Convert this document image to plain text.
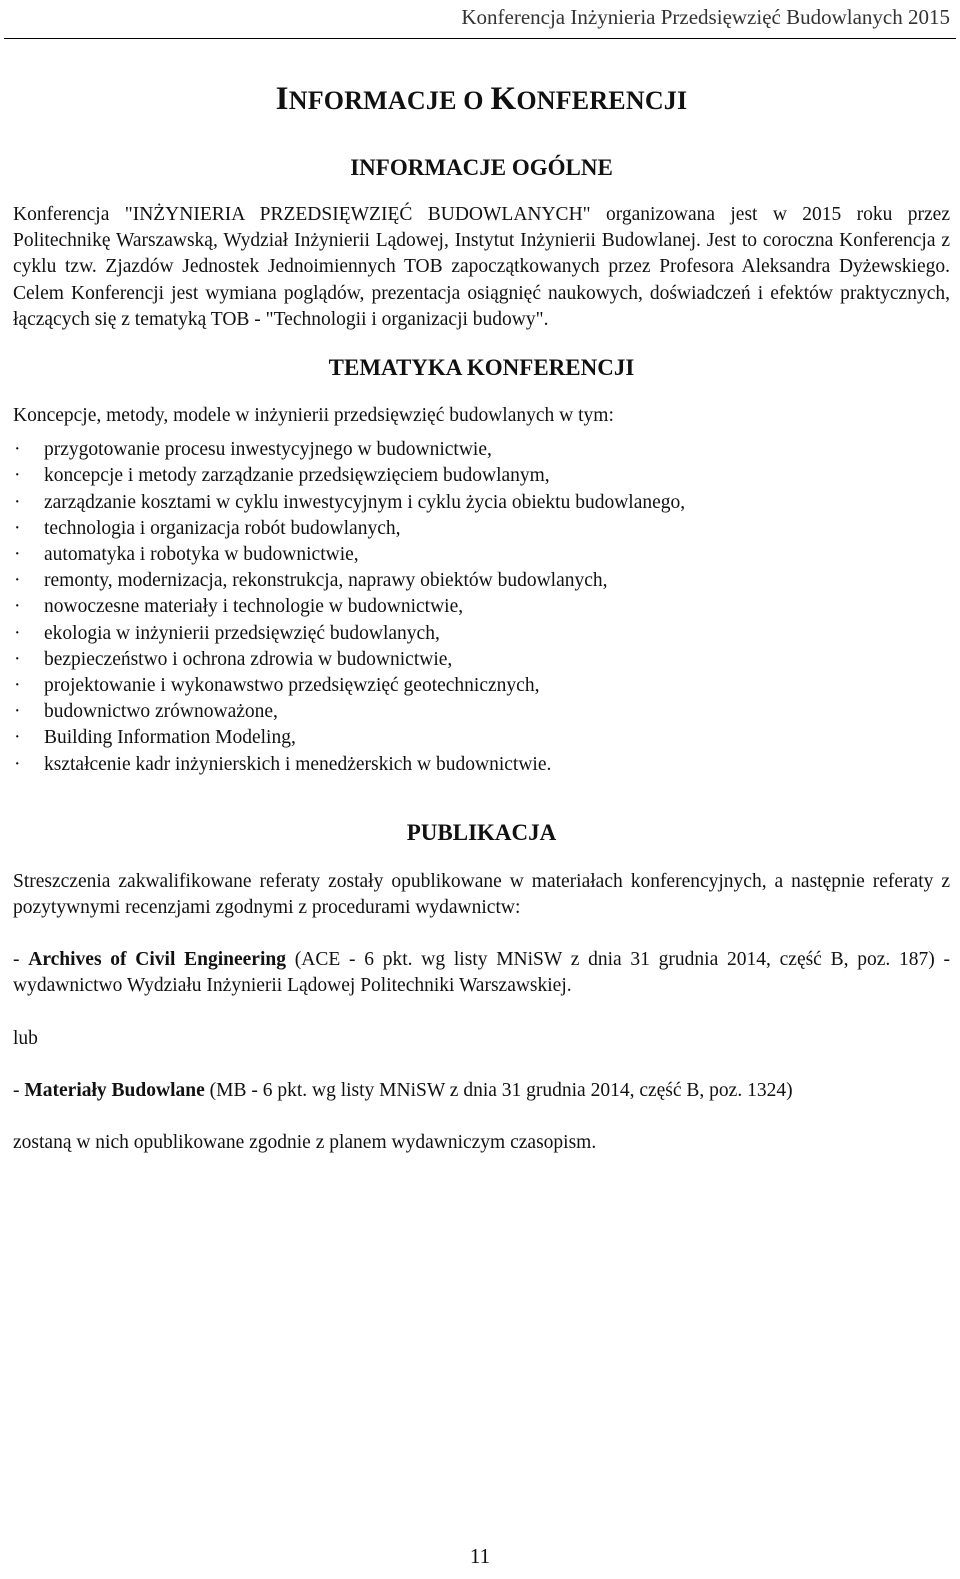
Konferencja Inżynieria Przedsięwzięć Budowlanych 2015
INFORMACJE O KONFERENCJI
INFORMACJE OGÓLNE

Konferencja "INŻYNIERIA PRZEDSIĘWZIĘĆ BUDOWLANYCH" organizowana jest w 2015 roku przez Politechnikę Warszawską, Wydział Inżynierii Lądowej, Instytut Inżynierii Budowlanej. Jest to coroczna Konferencja z cyklu tzw. Zjazdów Jednostek Jednoimiennych TOB zapoczątkowanych przez Profesora Aleksandra Dyżewskiego. Celem Konferencji jest wymiana poglądów, prezentacja osiągnięć naukowych, doświadczeń i efektów praktycznych, łączących się z tematyką TOB - "Technologii i organizacji budowy".

TEMATYKA KONFERENCJI

Koncepcje, metody, modele w inżynierii przedsięwzięć budowlanych w tym:

·	przygotowanie procesu inwestycyjnego w budownictwie,
·	koncepcje i metody zarządzanie przedsięwzięciem budowlanym,
·	zarządzanie kosztami w cyklu inwestycyjnym i cyklu życia obiektu budowlanego,
·	technologia i organizacja robót budowlanych,
·	automatyka i robotyka w budownictwie,
·	remonty, modernizacja, rekonstrukcja, naprawy obiektów budowlanych,
·	nowoczesne materiały i technologie w budownictwie,
·	ekologia w inżynierii przedsięwzięć budowlanych,
·	bezpieczeństwo i ochrona zdrowia w budownictwie,
·	projektowanie i wykonawstwo przedsięwzięć geotechnicznych,
·	budownictwo zrównoważone,
·	Building Information Modeling,
·	kształcenie kadr inżynierskich i menedżerskich w budownictwie.
PUBLIKACJA

Streszczenia zakwalifikowane referaty zostały opublikowane w materiałach konferencyjnych, a następnie referaty z pozytywnymi recenzjami zgodnymi z procedurami wydawnictw:

- Archives of Civil Engineering (ACE - 6 pkt. wg listy MNiSW z dnia 31 grudnia 2014, część B, poz. 187) - wydawnictwo Wydziału Inżynierii Lądowej Politechniki Warszawskiej.

lub

- Materiały Budowlane (MB - 6 pkt. wg listy MNiSW z dnia 31 grudnia 2014, część B, poz. 1324)

zostaną w nich opublikowane zgodnie z planem wydawniczym czasopism.

11
